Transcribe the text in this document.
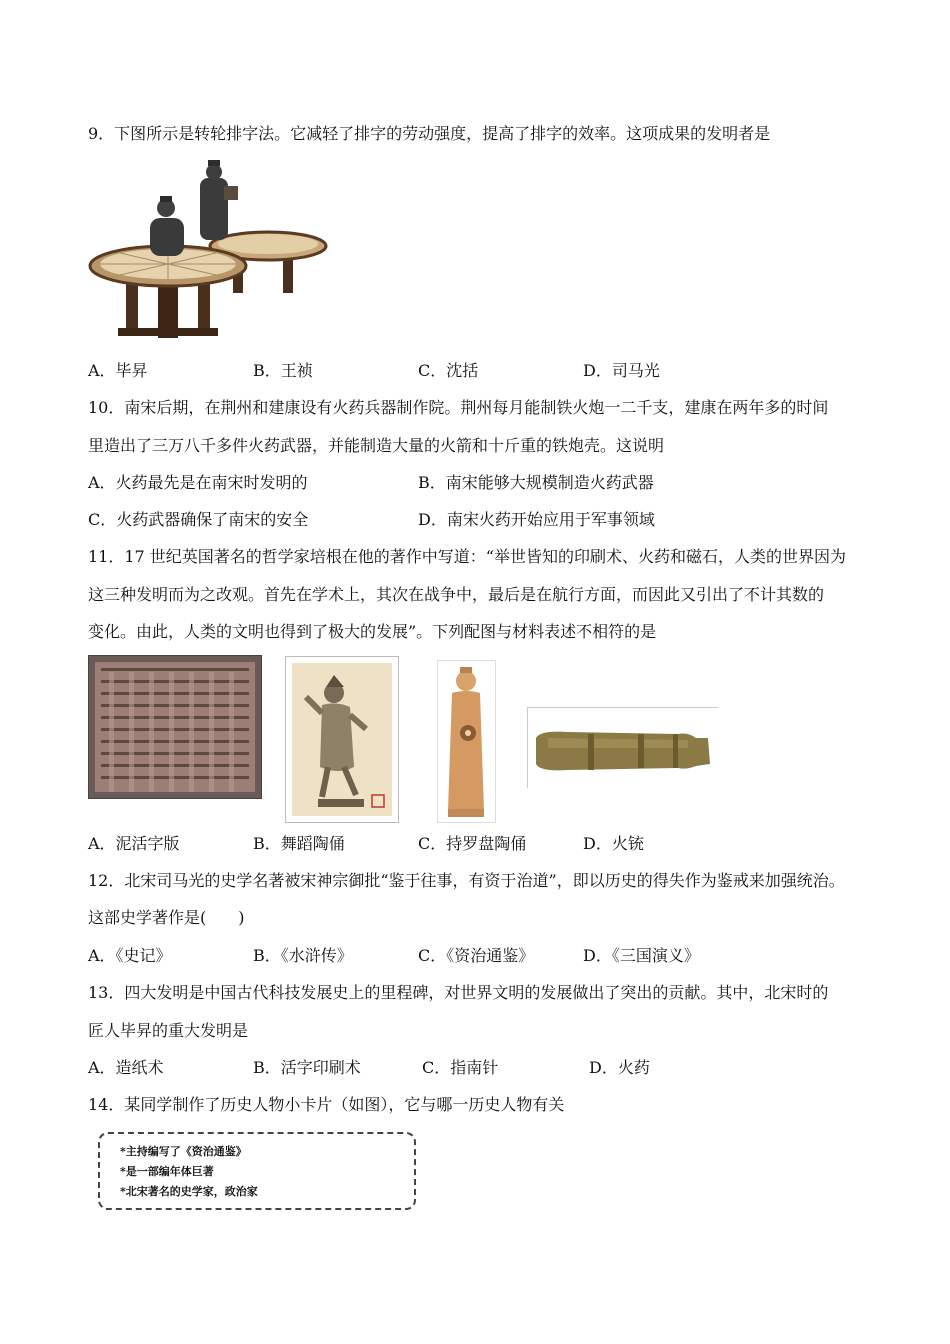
9．下图所示是转轮排字法。它减轻了排字的劳动强度，提高了排字的效率。这项成果的发明者是
A．毕昇	B．王祯	C．沈括	D．司马光
10．南宋后期，在荆州和建康设有火药兵器制作院。荆州每月能制铁火炮一二千支，建康在两年多的时间
里造出了三万八千多件火药武器，并能制造大量的火箭和十斤重的铁炮壳。这说明
A．火药最先是在南宋时发明的	B．南宋能够大规模制造火药武器
C．火药武器确保了南宋的安全	D．南宋火药开始应用于军事领域
11．17 世纪英国著名的哲学家培根在他的著作中写道：“举世皆知的印刷术、火药和磁石，人类的世界因为
这三种发明而为之改观。首先在学术上，其次在战争中，最后是在航行方面，而因此又引出了不计其数的
变化。由此，人类的文明也得到了极大的发展”。下列配图与材料表述不相符的是
A．泥活字版	B．舞蹈陶俑	C．持罗盘陶俑	D．火铳
12．北宋司马光的史学名著被宋神宗御批“鉴于往事，有资于治道”，即以历史的得失作为鉴戒来加强统治。
这部史学著作是(　　)
A．《史记》	B．《水浒传》	C．《资治通鉴》	D．《三国演义》
13．四大发明是中国古代科技发展史上的里程碑，对世界文明的发展做出了突出的贡献。其中，北宋时的
匠人毕昇的重大发明是
A．造纸术	B．活字印刷术	C．指南针	D．火药
14．某同学制作了历史人物小卡片（如图），它与哪一历史人物有关
*主持编写了《资治通鉴》
*是一部编年体巨著
*北宋著名的史学家，政治家
